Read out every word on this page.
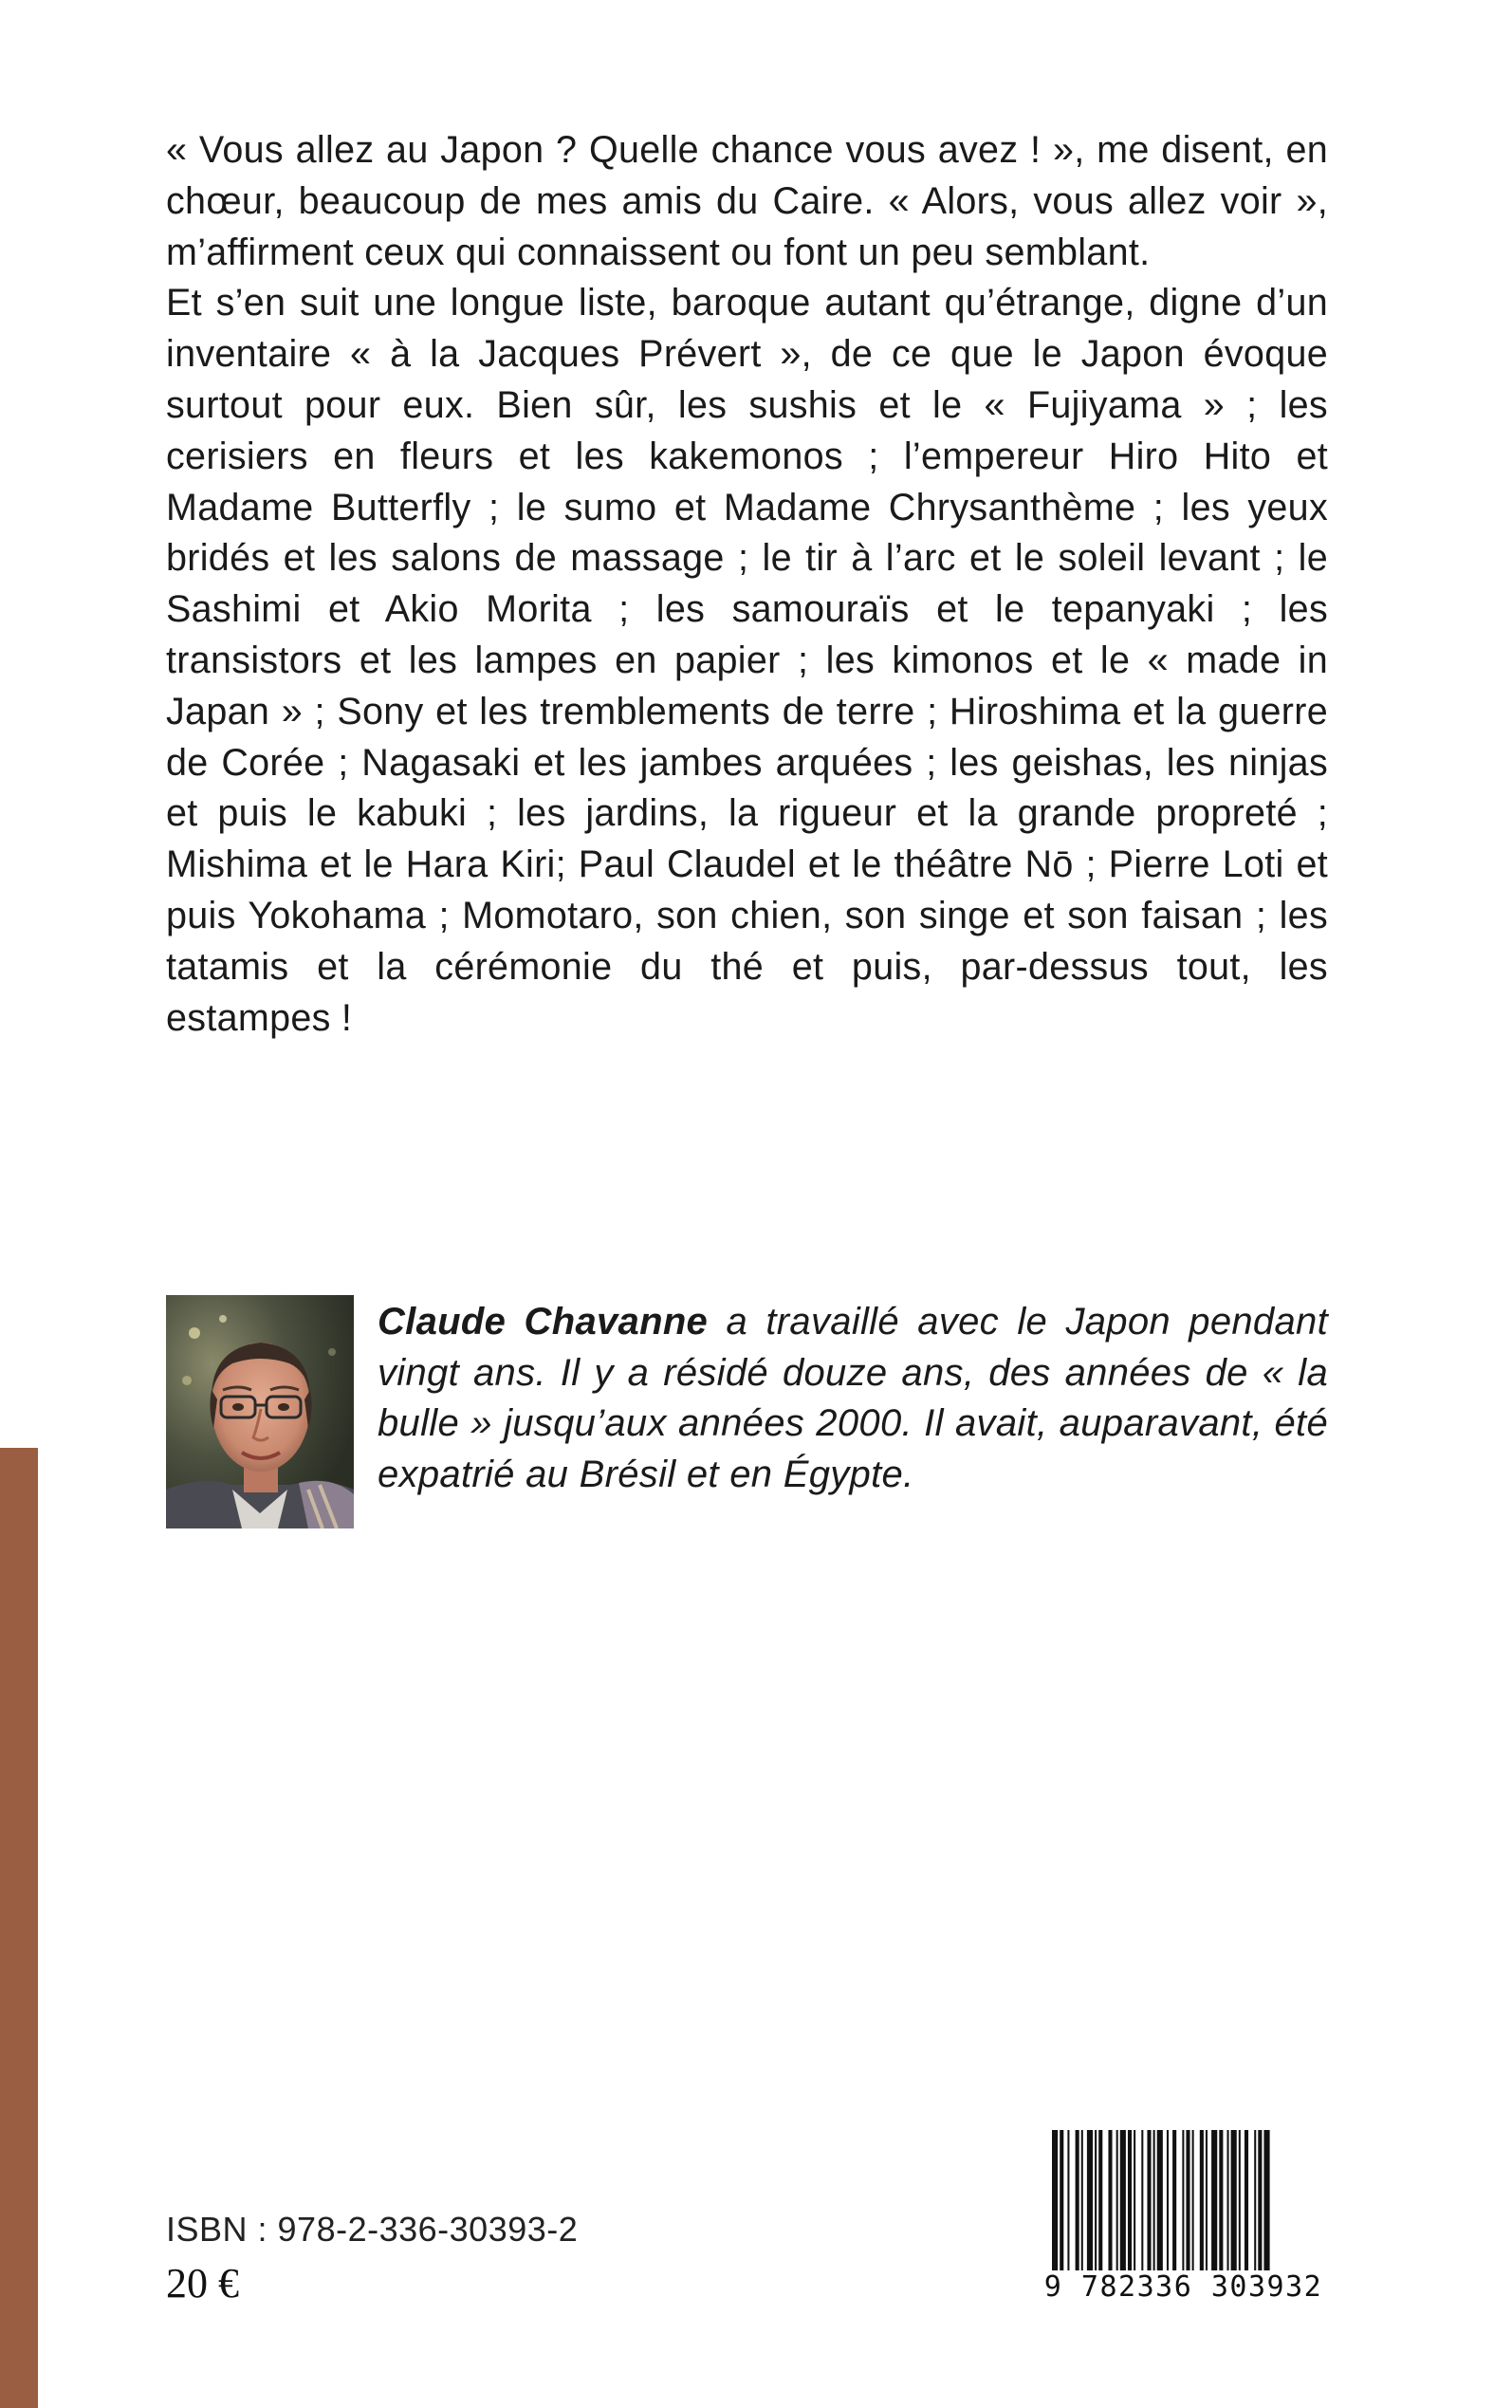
« Vous allez au Japon ? Quelle chance vous avez ! », me disent, en chœur, beaucoup de mes amis du Caire. « Alors, vous allez voir », m’affirment ceux qui connaissent ou font un peu semblant.

Et s’en suit une longue liste, baroque autant qu’étrange, digne d’un inventaire « à la Jacques Prévert », de ce que le Japon évoque surtout pour eux. Bien sûr, les sushis et le « Fujiyama » ; les cerisiers en fleurs et les kakemonos ; l’empereur Hiro Hito et Madame Butterfly ; le sumo et Madame Chrysanthème ; les yeux bridés et les salons de massage ; le tir à l’arc et le soleil levant ; le Sashimi et Akio Morita ; les samouraïs et le tepanyaki ; les transistors et les lampes en papier ; les kimonos et le « made in Japan » ; Sony et les tremblements de terre ; Hiroshima et la guerre de Corée ; Nagasaki et les jambes arquées ; les geishas, les ninjas et puis le kabuki ; les jardins, la rigueur et la grande propreté ; Mishima et le Hara Kiri; Paul Claudel et le théâtre Nō ; Pierre Loti et puis Yokohama ; Momotaro, son chien, son singe et son faisan ; les tatamis et la cérémonie du thé et puis, par-dessus tout, les estampes !

Claude Chavanne a travaillé avec le Japon pendant vingt ans. Il y a résidé douze ans, des années de « la bulle » jusqu’aux années 2000. Il avait, auparavant, été expatrié au Brésil et en Égypte.

ISBN : 978-2-336-30393-2
20 €	9 782336 303932
